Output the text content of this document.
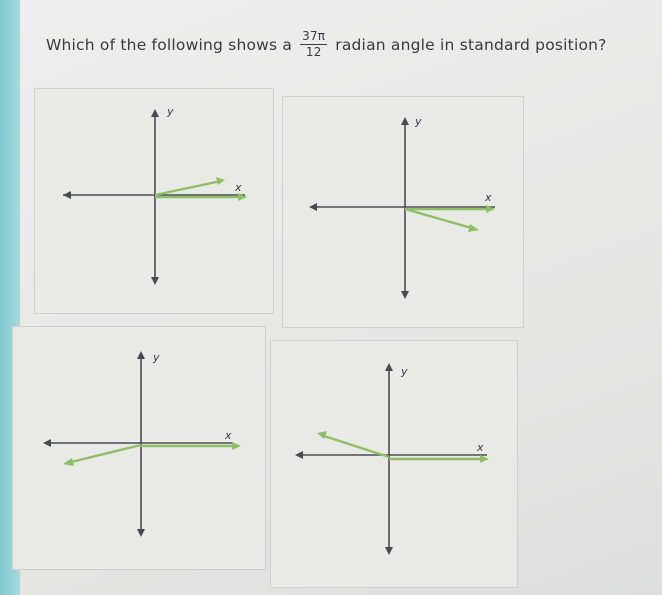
Which of the following shows a $\frac{37\pi}{12}$ radian angle in standard position?
x
y
x
y
x
y
x
y
